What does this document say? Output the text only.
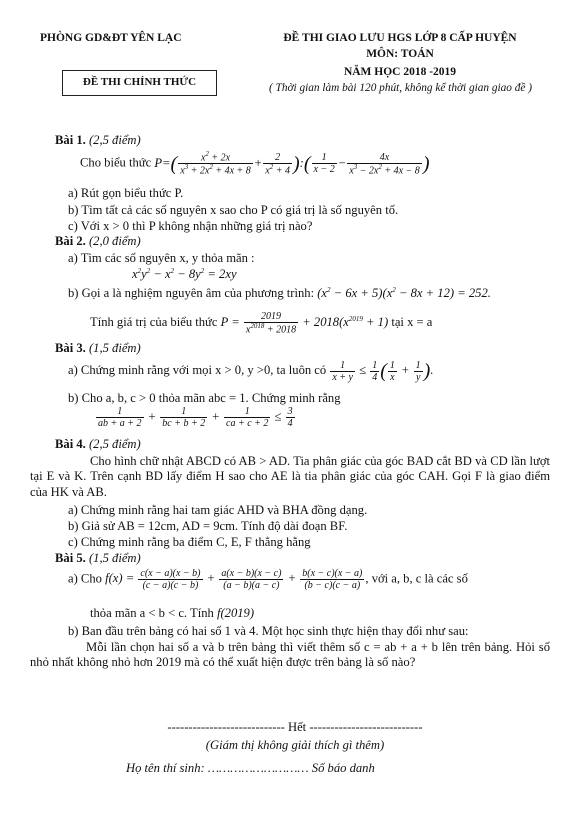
PHÒNG GD&ĐT YÊN LẠC
ĐỀ THI CHÍNH THỨC
ĐỀ THI GIAO LƯU HGS LỚP 8 CẤP HUYỆN
MÔN: TOÁN
NĂM HỌC 2018 -2019
( Thời gian làm bài 120 phút, không kể thời gian giao đề )
Bài 1. (2,5 điểm)
Cho biểu thức $P=( \frac{x^2 + 2x}{x^3 + 2x^2 + 4x + 8} + \frac{2}{x^2 + 4}$ ):( $\frac{1}{x - 2} - \frac{4x}{x^3 - 2x^2 + 4x - 8}$ )
a) Rút gọn biểu thức P.
b) Tìm tất cả các số nguyên x sao cho P có giá trị là số nguyên tố.
c) Với x > 0 thì P không nhận những giá trị nào?
Bài 2. (2,0 điểm)
a) Tìm các số nguyên x, y thỏa mãn :
$x^2y^2 - x^2 - 8y^2 = 2xy$
b) Gọi a là nghiệm nguyên âm của phương trình: $(x^2 - 6x + 5)(x^2 - 8x + 12) = 252$.
Tính giá trị của biểu thức $P = \frac{2019}{x^{2018} + 2018} + 2018(x^{2019} + 1)$ tại x = a
Bài 3. (1,5 điểm)
a) Chứng minh rằng với mọi x > 0, y >0, ta luôn có $\frac{1}{x + y} \le \frac{1}{4}$ ( $\frac{1}{x} + \frac{1}{y}$ ).
b) Cho a, b, c > 0 thỏa mãn abc = 1. Chứng minh rằng
$\frac{1}{ab + a + 2} + \frac{1}{bc + b + 2} + \frac{1}{ca + c + 2} \le \frac{3}{4}$
Bài 4. (2,5 điểm)
Cho hình chữ nhật ABCD có AB > AD. Tia phân giác của góc BAD cắt BD và CD lần lượt tại E và K. Trên cạnh BD lấy điểm H sao cho AE là tia phân giác của góc CAH. Gọi F là giao điểm của HK và AB.
a) Chứng minh rằng hai tam giác AHD và BHA đồng dạng.
b) Giả sử AB = 12cm, AD = 9cm. Tính độ dài đoạn BF.
c) Chứng minh rằng ba điểm C, E, F thẳng hằng
Bài 5. (1,5 điểm)
a) Cho $f(x) = \frac{c(x - a)(x - b)}{(c - a)(c - b)} + \frac{a(x - b)(x - c)}{(a - b)(a - c)} + \frac{b(x - c)(x - a)}{(b - c)(c - a)}$ , với a, b, c là các số
thỏa mãn a < b < c. Tính f(2019)
b) Ban đầu trên bảng có hai số 1 và 4. Một học sinh thực hiện thay đổi như sau:
Mỗi lần chọn hai số a và b trên bảng thì viết thêm số c = ab + a + b lên trên bảng. Hỏi số nhỏ nhất không nhỏ hơn 2019 mà có thể xuất hiện được trên bảng là số nào?
---------------------------- Hết ---------------------------
(Giám thị không giải thích gì thêm)
Họ tên thí sinh: ……………………… Số báo danh
